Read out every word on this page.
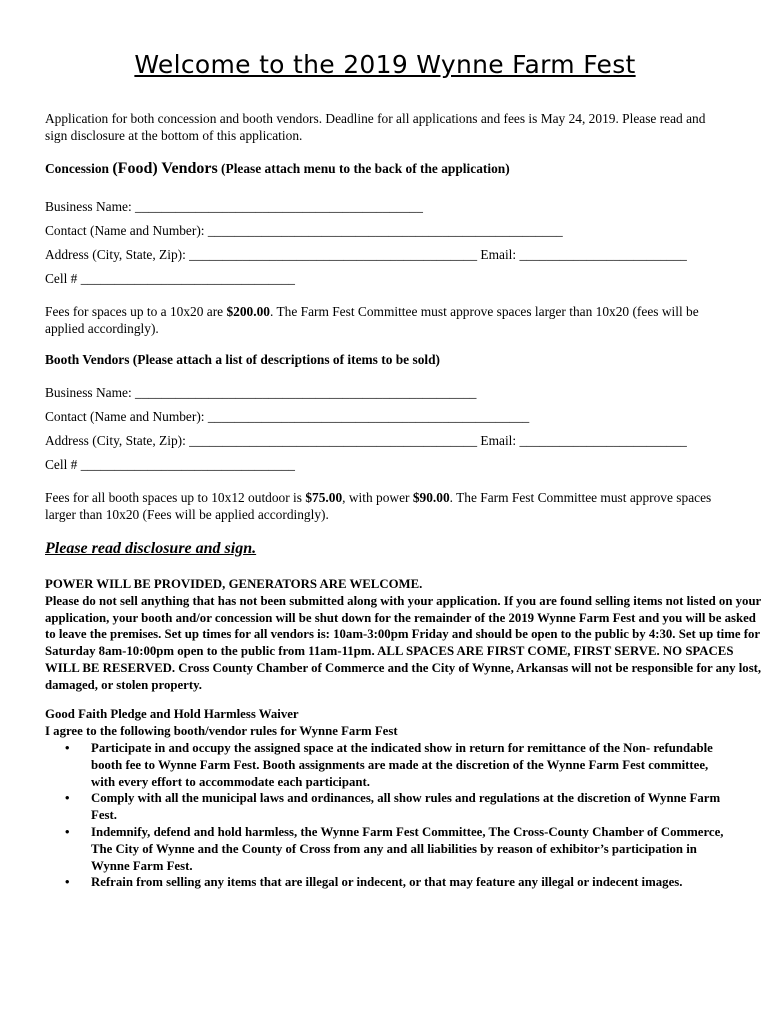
Welcome to the 2019 Wynne Farm Fest
Application for both concession and booth vendors. Deadline for all applications and fees is May 24, 2019. Please read and sign disclosure at the bottom of this application.
Concession (Food) Vendors (Please attach menu to the back of the application)
Business Name: ___________________________________________
Contact (Name and Number): _____________________________________________________
Address (City, State, Zip): ___________________________________________ Email: _________________________
Cell # ________________________________
Fees for spaces up to a 10x20 are $200.00. The Farm Fest Committee must approve spaces larger than 10x20 (fees will be applied accordingly).
Booth Vendors (Please attach a list of descriptions of items to be sold)
Business Name: ___________________________________________________
Contact (Name and Number): ________________________________________________
Address (City, State, Zip): ___________________________________________ Email: _________________________
Cell # ________________________________
Fees for all booth spaces up to 10x12 outdoor is $75.00, with power $90.00. The Farm Fest Committee must approve spaces larger than 10x20 (Fees will be applied accordingly).
Please read disclosure and sign.
POWER WILL BE PROVIDED, GENERATORS ARE WELCOME.
Please do not sell anything that has not been submitted along with your application. If you are found selling items not listed on your application, your booth and/or concession will be shut down for the remainder of the 2019 Wynne Farm Fest and you will be asked to leave the premises. Set up times for all vendors is: 10am-3:00pm Friday and should be open to the public by 4:30. Set up time for Saturday 8am-10:00pm open to the public from 11am-11pm. ALL SPACES ARE FIRST COME, FIRST SERVE. NO SPACES WILL BE RESERVED. Cross County Chamber of Commerce and the City of Wynne, Arkansas will not be responsible for any lost, damaged, or stolen property.
Good Faith Pledge and Hold Harmless Waiver
I agree to the following booth/vendor rules for Wynne Farm Fest
• Participate in and occupy the assigned space at the indicated show in return for remittance of the Non- refundable booth fee to Wynne Farm Fest. Booth assignments are made at the discretion of the Wynne Farm Fest committee, with every effort to accommodate each participant.
• Comply with all the municipal laws and ordinances, all show rules and regulations at the discretion of Wynne Farm Fest.
• Indemnify, defend and hold harmless, the Wynne Farm Fest Committee, The Cross-County Chamber of Commerce, The City of Wynne and the County of Cross from any and all liabilities by reason of exhibitor’s participation in Wynne Farm Fest.
• Refrain from selling any items that are illegal or indecent, or that may feature any illegal or indecent images.
